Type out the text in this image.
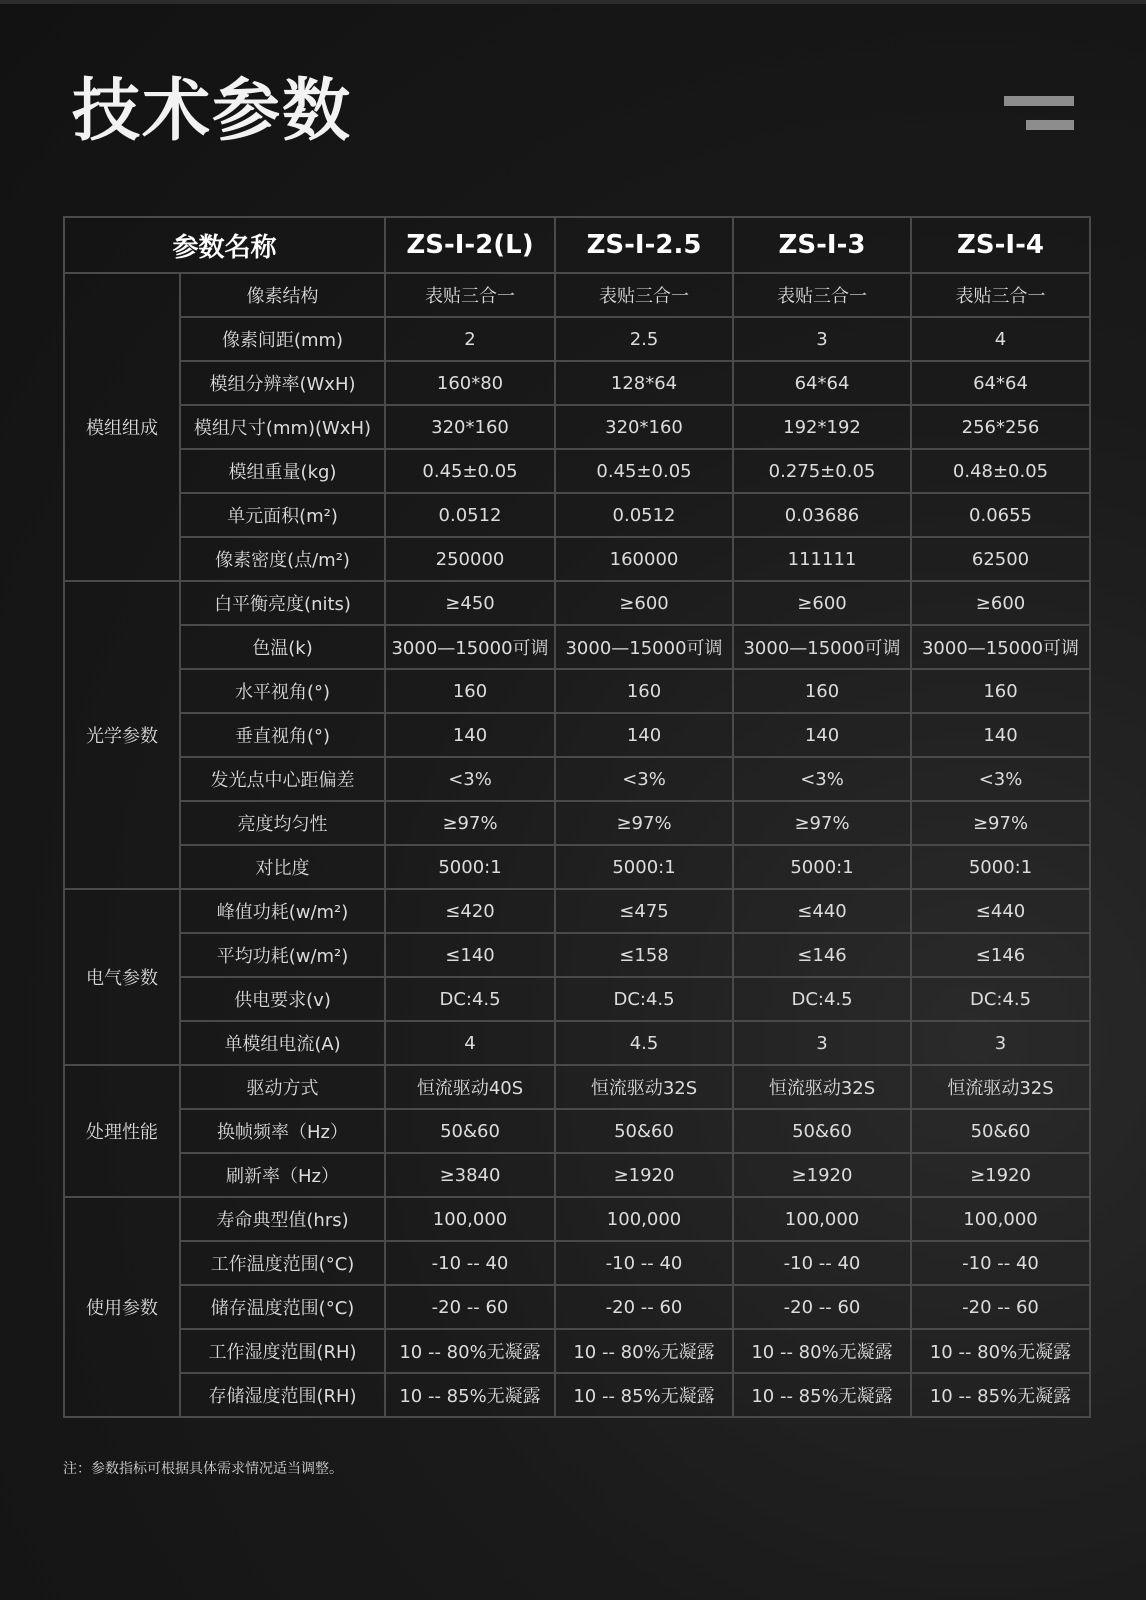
技术参数
参数名称		ZS-I-2(L)	ZS-I-2.5	ZS-I-3	ZS-I-4
模组组成	像素结构	表贴三合一	表贴三合一	表贴三合一	表贴三合一
	像素间距(mm)	2	2.5	3	4
	模组分辨率(WxH)	160*80	128*64	64*64	64*64
	模组尺寸(mm)(WxH)	320*160	320*160	192*192	256*256
	模组重量(kg)	0.45±0.05	0.45±0.05	0.275±0.05	0.48±0.05
	单元面积(m²)	0.0512	0.0512	0.03686	0.0655
	像素密度(点/m²)	250000	160000	111111	62500
光学参数	白平衡亮度(nits)	≥450	≥600	≥600	≥600
	色温(k)	3000—15000可调	3000—15000可调	3000—15000可调	3000—15000可调
	水平视角(°)	160	160	160	160
	垂直视角(°)	140	140	140	140
	发光点中心距偏差	<3%	<3%	<3%	<3%
	亮度均匀性	≥97%	≥97%	≥97%	≥97%
	对比度	5000:1	5000:1	5000:1	5000:1
电气参数	峰值功耗(w/m²)	≤420	≤475	≤440	≤440
	平均功耗(w/m²)	≤140	≤158	≤146	≤146
	供电要求(v)	DC:4.5	DC:4.5	DC:4.5	DC:4.5
	单模组电流(A)	4	4.5	3	3
处理性能	驱动方式	恒流驱动40S	恒流驱动32S	恒流驱动32S	恒流驱动32S
	换帧频率（Hz）	50&60	50&60	50&60	50&60
	刷新率（Hz）	≥3840	≥1920	≥1920	≥1920
使用参数	寿命典型值(hrs)	100,000	100,000	100,000	100,000
	工作温度范围(°C)	-10 -- 40	-10 -- 40	-10 -- 40	-10 -- 40
	储存温度范围(°C)	-20 -- 60	-20 -- 60	-20 -- 60	-20 -- 60
	工作湿度范围(RH)	10 -- 80%无凝露	10 -- 80%无凝露	10 -- 80%无凝露	10 -- 80%无凝露
	存储湿度范围(RH)	10 -- 85%无凝露	10 -- 85%无凝露	10 -- 85%无凝露	10 -- 85%无凝露
注：参数指标可根据具体需求情况适当调整。
